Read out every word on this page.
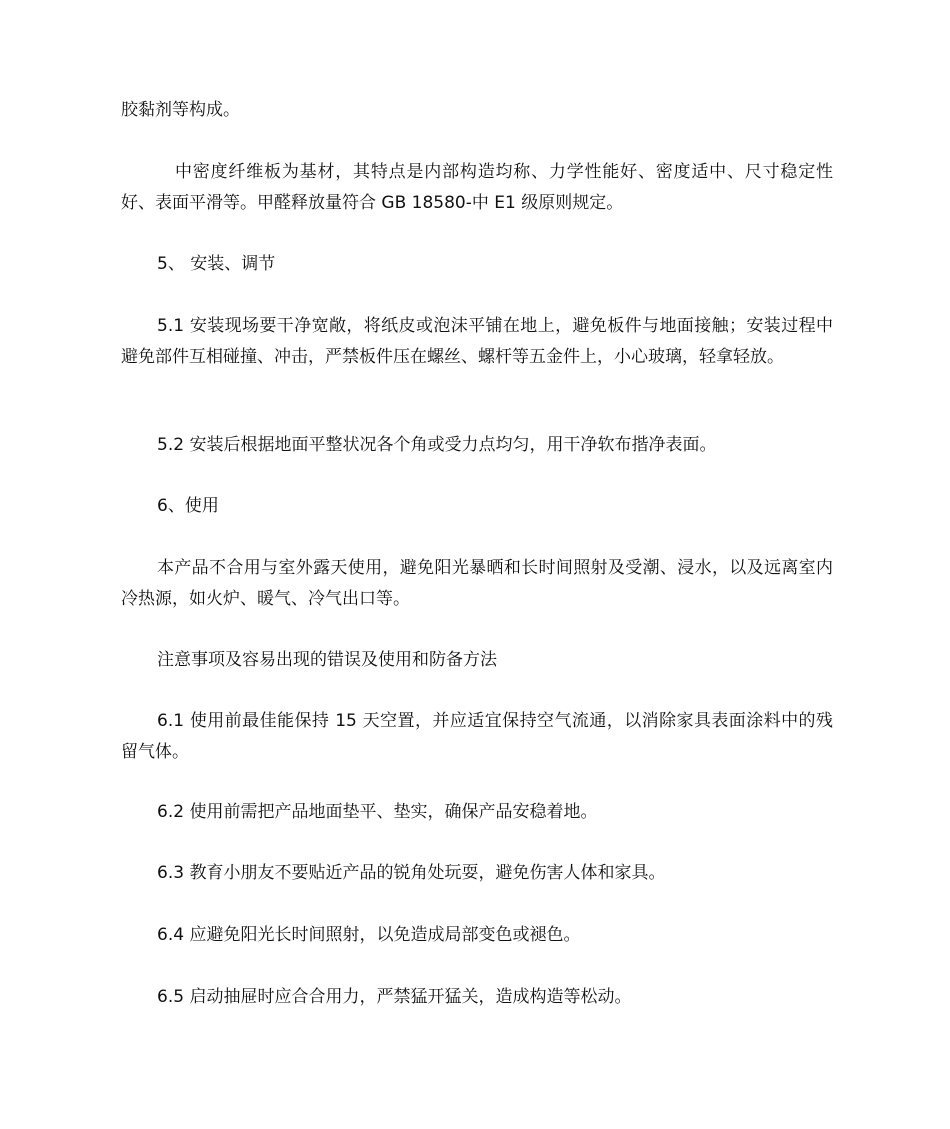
胶黏剂等构成。

中密度纤维板为基材，其特点是内部构造均称、力学性能好、密度适中、尺寸稳定性好、表面平滑等。甲醛释放量符合 GB 18580-中 E1 级原则规定。

5、 安装、调节

5.1 安装现场要干净宽敞，将纸皮或泡沫平铺在地上，避免板件与地面接触；安装过程中避免部件互相碰撞、冲击，严禁板件压在螺丝、螺杆等五金件上，小心玻璃，轻拿轻放。

5.2 安装后根据地面平整状况各个角或受力点均匀，用干净软布揩净表面。

6、使用

本产品不合用与室外露天使用，避免阳光暴晒和长时间照射及受潮、浸水，以及远离室内冷热源，如火炉、暖气、冷气出口等。

注意事项及容易出现的错误及使用和防备方法

6.1 使用前最佳能保持 15 天空置，并应适宜保持空气流通，以消除家具表面涂料中的残留气体。

6.2 使用前需把产品地面垫平、垫实，确保产品安稳着地。

6.3 教育小朋友不要贴近产品的锐角处玩耍，避免伤害人体和家具。

6.4 应避免阳光长时间照射，以免造成局部变色或褪色。

6.5 启动抽屉时应合合用力，严禁猛开猛关，造成构造等松动。
